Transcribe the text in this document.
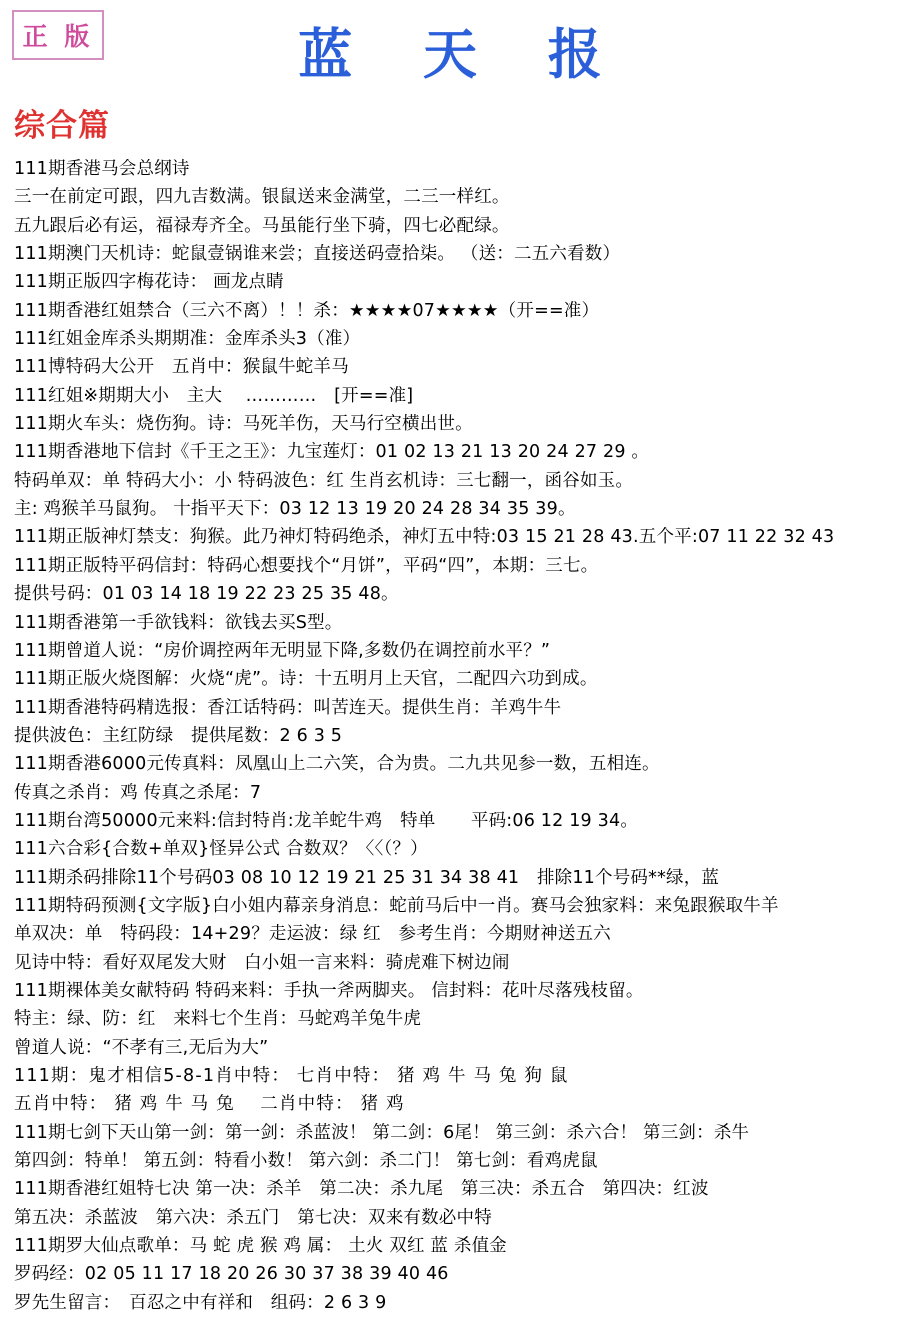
正 版	蓝 天 报
综合篇
111期香港马会总纲诗
三一在前定可跟，四九吉数满。银鼠送来金满堂，二三一样红。
五九跟后必有运，福禄寿齐全。马虽能行坐下骑，四七必配绿。
111期澳门天机诗：蛇鼠壹锅谁来尝；直接送码壹拾柒。 （送：二五六看数）
111期正版四字梅花诗： 画龙点睛
111期香港红姐禁合（三六不离）！！杀：★★★★07★★★★（开==准）
111红姐金库杀头期期准：金库杀头3（准）
111博特码大公开　五肖中：猴鼠牛蛇羊马
111红姐※期期大小　主大　 …………　[开==准]
111期火车头：烧伤狗。诗：马死羊伤，天马行空横出世。
111期香港地下信封《千王之王》：九宝莲灯：01 02 13 21 13 20 24 27 29 。
特码单双：单 特码大小：小 特码波色：红 生肖玄机诗：三七翻一，函谷如玉。
主: 鸡猴羊马鼠狗。 十指平天下：03 12 13 19 20 24 28 34 35 39。
111期正版神灯禁支：狗猴。此乃神灯特码绝杀，神灯五中特:03 15 21 28 43.五个平:07 11 22 32 43
111期正版特平码信封：特码心想要找个“月饼”，平码“四”，本期：三七。
提供号码：01 03 14 18 19 22 23 25 35 48。
111期香港第一手欲钱料：欲钱去买S型。
111期曾道人说：“房价调控两年无明显下降,多数仍在调控前水平？”
111期正版火烧图解：火烧“虎”。诗：十五明月上天官，二配四六功到成。
111期香港特码精选报：香江话特码：叫苦连天。提供生肖：羊鸡牛牛
提供波色：主红防绿　提供尾数：2 6 3 5
111期香港6000元传真料：凤凰山上二六笑，合为贵。二九共见参一数，五相连。
传真之杀肖：鸡 传真之杀尾：7
111期台湾50000元来料:信封特肖:龙羊蛇牛鸡　特单　　平码:06 12 19 34。
111六合彩{合数+单双}怪异公式 合数双？〈〈（？）
111期杀码排除11个号码03 08 10 12 19 21 25 31 34 38 41　排除11个号码**绿，蓝
111期特码预测{文字版}白小姐内幕亲身消息：蛇前马后中一肖。赛马会独家料：来兔跟猴取牛羊
单双决：单　特码段：14+29？走运波：绿 红　参考生肖：今期财神送五六
见诗中特：看好双尾发大财　白小姐一言来料：骑虎难下树边闹
111期裸体美女献特码 特码来料：手执一斧两脚夹。 信封料：花叶尽落残枝留。
特主：绿、防：红　来料七个生肖：马蛇鸡羊兔牛虎
曾道人说：“不孝有三,无后为大”
111期：鬼才相信5-8-1肖中特： 七肖中特： 猪 鸡 牛 马 兔 狗 鼠
五肖中特： 猪 鸡 牛 马 兔　 二肖中特： 猪 鸡
111期七剑下天山第一剑：第一剑：杀蓝波！ 第二剑：6尾！ 第三剑：杀六合！ 第三剑：杀牛
第四剑：特单！ 第五剑：特看小数！ 第六剑：杀二门！ 第七剑：看鸡虎鼠
111期香港红姐特七决 第一决：杀羊　第二决：杀九尾　第三决：杀五合　第四决：红波
第五决：杀蓝波　第六决：杀五门　第七决：双来有数必中特
111期罗大仙点歌单：马 蛇 虎 猴 鸡 属： 土火 双红 蓝 杀值金
罗码经：02 05 11 17 18 20 26 30 37 38 39 40 46
罗先生留言：　百忍之中有祥和　组码：2 6 3 9
